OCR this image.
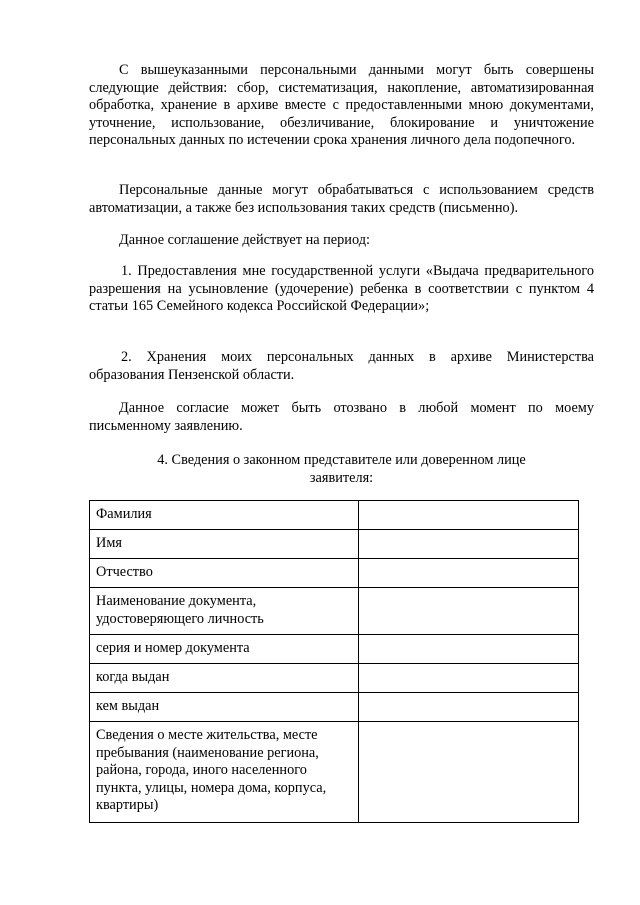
С вышеуказанными персональными данными могут быть совершены следующие действия: сбор, систематизация, накопление, автоматизированная обработка, хранение в архиве вместе с предоставленными мною документами, уточнение, использование, обезличивание, блокирование и уничтожение персональных данных по истечении срока хранения личного дела подопечного.

Персональные данные могут обрабатываться с использованием средств автоматизации, а также без использования таких средств (письменно).

Данное соглашение действует на период:

1. Предоставления мне государственной услуги «Выдача предварительного разрешения на усыновление (удочерение) ребенка в соответствии с пунктом 4 статьи 165 Семейного кодекса Российской Федерации»;

2. Хранения моих персональных данных в архиве Министерства образования Пензенской области.

Данное согласие может быть отозвано в любой момент по моему письменному заявлению.

4. Сведения о законном представителе или доверенном лице
заявителя:
Фамилия	
Имя	
Отчество	
Наименование документа, удостоверяющего личность	
серия и номер документа	
когда выдан	
кем выдан	
Сведения о месте жительства, месте пребывания (наименование региона, района, города, иного населенного пункта, улицы, номера дома, корпуса, квартиры)	
